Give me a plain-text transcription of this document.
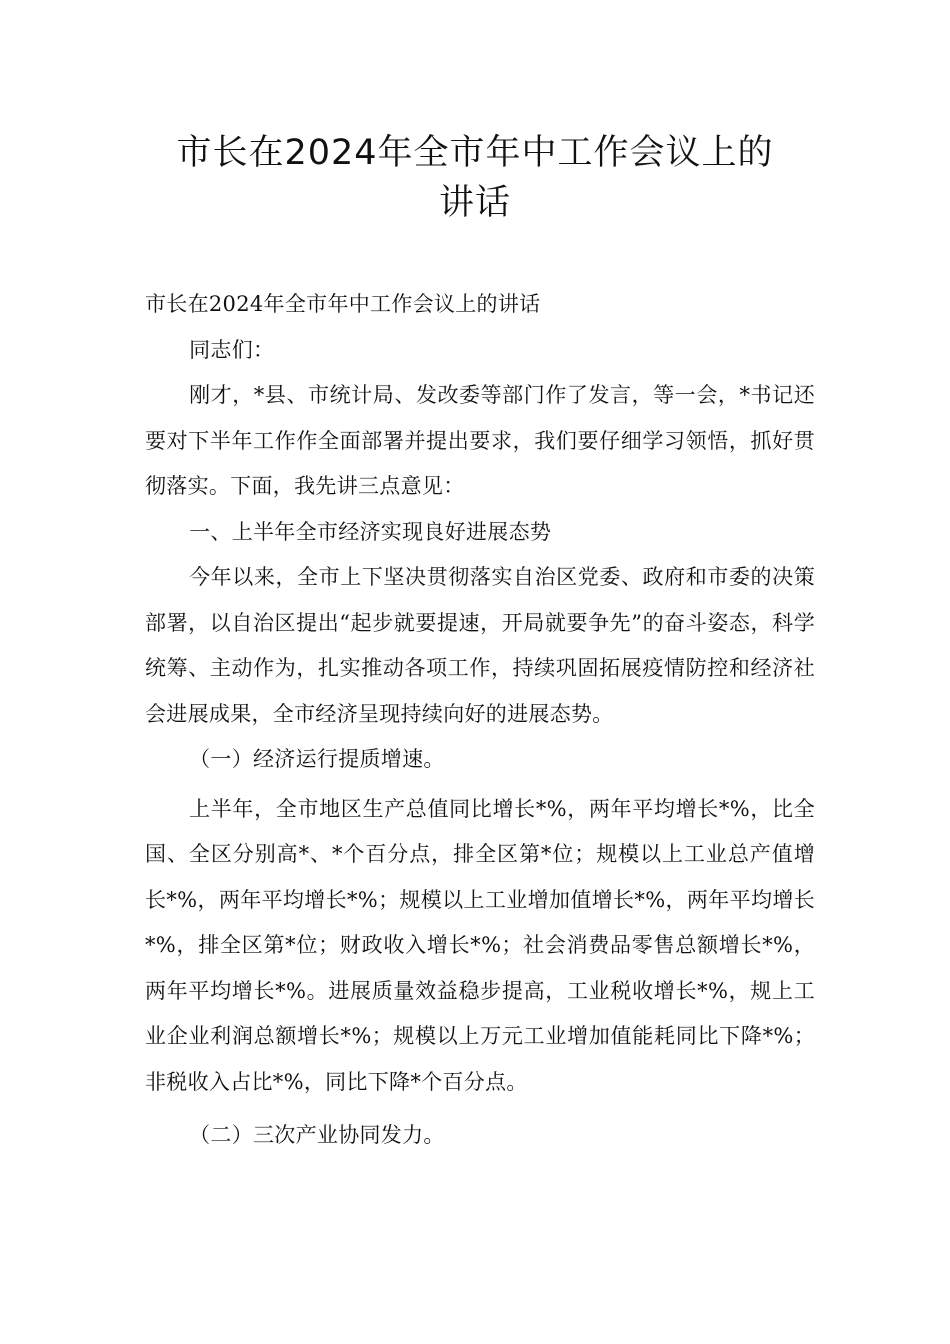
市长在2024年全市年中工作会议上的
讲话

市长在2024年全市年中工作会议上的讲话

同志们：

刚才，*县、市统计局、发改委等部门作了发言，等一会，*书记还要对下半年工作作全面部署并提出要求，我们要仔细学习领悟，抓好贯彻落实。下面，我先讲三点意见：

一、上半年全市经济实现良好进展态势

今年以来，全市上下坚决贯彻落实自治区党委、政府和市委的决策部署，以自治区提出“起步就要提速，开局就要争先”的奋斗姿态，科学统筹、主动作为，扎实推动各项工作，持续巩固拓展疫情防控和经济社会进展成果，全市经济呈现持续向好的进展态势。

（一）经济运行提质增速。

上半年，全市地区生产总值同比增长*%，两年平均增长*%，比全国、全区分别高*、*个百分点，排全区第*位；规模以上工业总产值增长*%，两年平均增长*%；规模以上工业增加值增长*%，两年平均增长*%，排全区第*位；财政收入增长*%；社会消费品零售总额增长*%，两年平均增长*%。进展质量效益稳步提高，工业税收增长*%，规上工业企业利润总额增长*%；规模以上万元工业增加值能耗同比下降*%；非税收入占比*%，同比下降*个百分点。

（二）三次产业协同发力。
